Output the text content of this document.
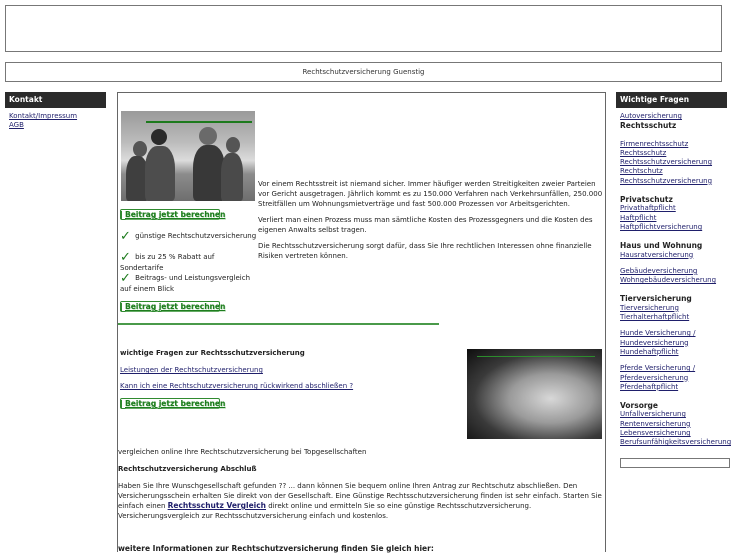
Rechtschutzversicherung Guenstig
Kontakt
Kontakt/Impressum
AGB
Beitrag jetzt berechnen
✓ günstige Rechtschutzversicherung
✓ bis zu 25 % Rabatt auf Sondertarife
✓ Beitrags- und Leistungsvergleich auf einem Blick
Beitrag jetzt berechnen

Vor einem Rechtsstreit ist niemand sicher. Immer häufiger werden Streitigkeiten zweier Parteien vor Gericht ausgetragen. Jährlich kommt es zu 150.000 Verfahren nach Verkehrsunfällen, 250.000 Streitfällen um Wohnungsmietverträge und fast 500.000 Prozessen vor Arbeitsgerichten.

Verliert man einen Prozess muss man sämtliche Kosten des Prozessgegners und die Kosten des eigenen Anwalts selbst tragen.

Die Rechtsschutzversicherung sorgt dafür, dass Sie Ihre rechtlichen Interessen ohne finanzielle Risiken vertreten können.

wichtige Fragen zur Rechtsschutzversicherung
Leistungen der Rechtschutzversicherung
Kann ich eine Rechtschutzversicherung rückwirkend abschließen ?
Beitrag jetzt berechnen
vergleichen online Ihre Rechtschutzversicherung bei Topgesellschaften
Rechtschutzversicherung Abschluß

Haben Sie Ihre Wunschgesellschaft gefunden ?? ... dann können Sie bequem online Ihren Antrag zur Rechtschutz abschließen. Den Versicherungsschein erhalten Sie direkt von der Gesellschaft. Eine Günstige Rechtsschutzversicherung finden ist sehr einfach. Starten Sie einfach einen Rechtsschutz Vergleich direkt online und ermitteln Sie so eine günstige Rechtsschutzversicherung. Versicherungsvergleich zur Rechtsschutzversicherung einfach und kostenlos.

weitere Informationen zur Rechtschutzversicherung finden Sie gleich hier:
Wichtige Fragen
Autoversicherung
Rechtsschutz
Firmenrechtsschutz
Rechtsschutz
Rechtsschutzversicherung
Rechtschutz
Rechtsschutzversicherung
Privatschutz
Privathaftpflicht
Haftpflicht
Haftpflichtversicherung
Haus und Wohnung
Hausratversicherung
Gebäudeversicherung
Wohngebäudeversicherung
Tierversicherung
Tierversicherung
Tierhalterhaftpflicht
Hunde Versicherung /
Hundeversicherung
Hundehaftpflicht
Pferde Versicherung /
Pferdeversicherung
Pferdehaftpflicht
Vorsorge
Unfallversicherung
Rentenversicherung
Lebensversicherung
Berufsunfähigkeitsversicherung
